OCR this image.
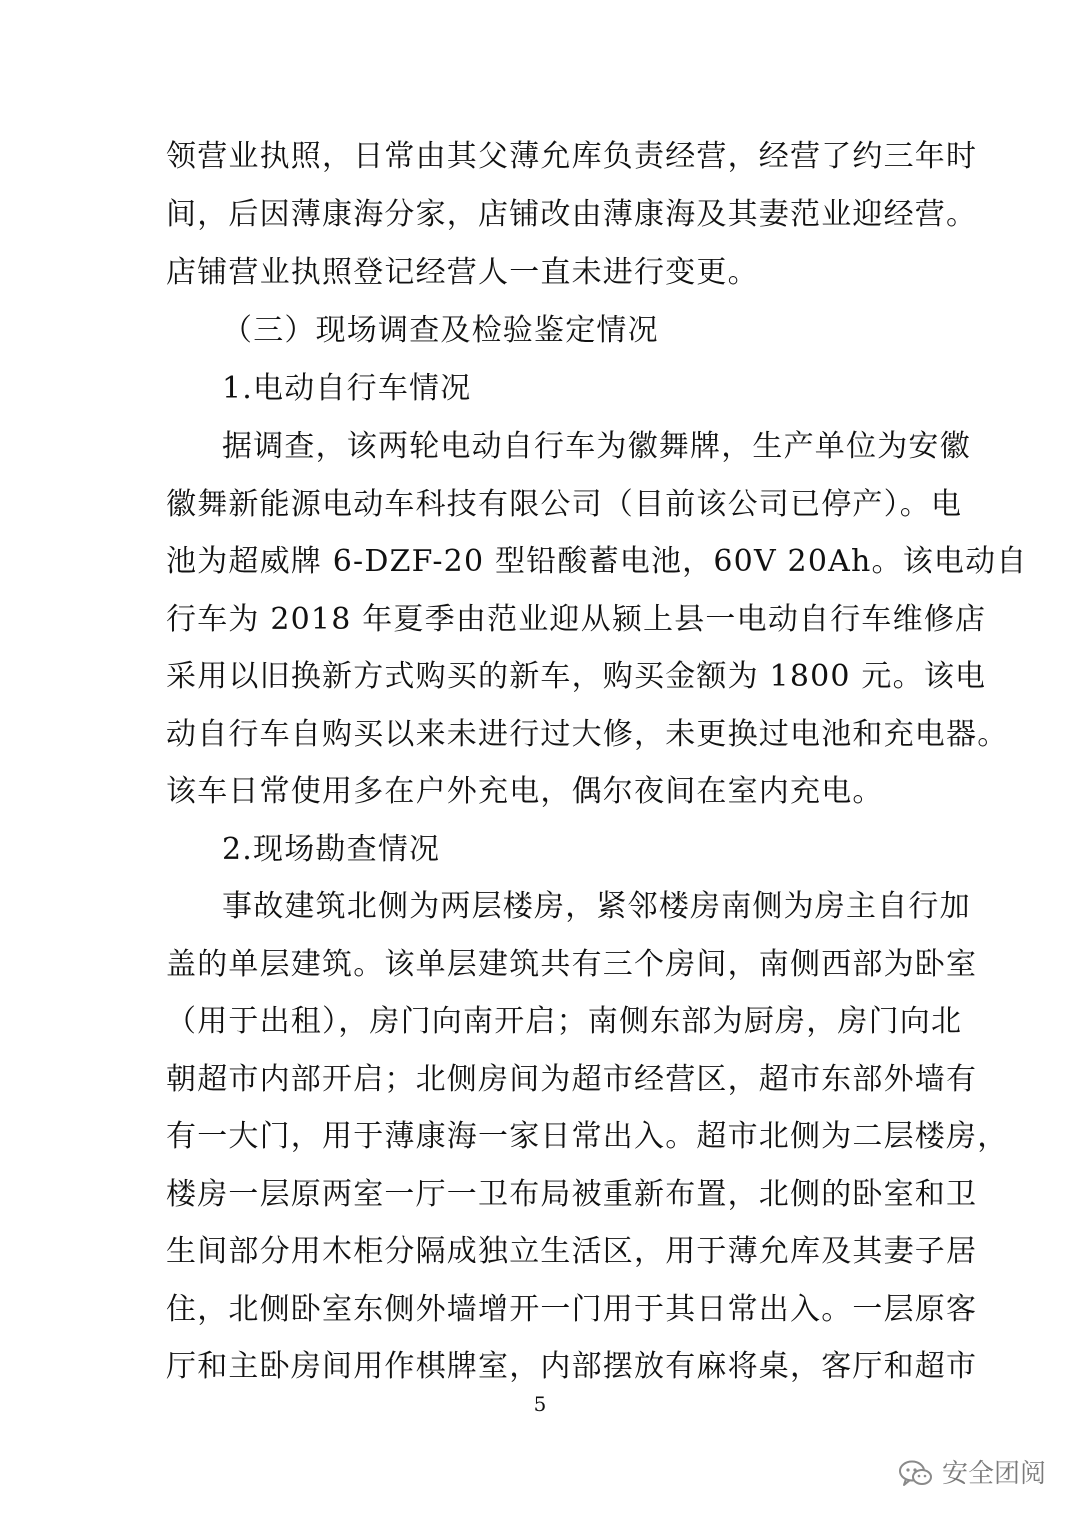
领营业执照，日常由其父薄允库负责经营，经营了约三年时
间，后因薄康海分家，店铺改由薄康海及其妻范业迎经营。
店铺营业执照登记经营人一直未进行变更。
（三）现场调查及检验鉴定情况
1.电动自行车情况
据调查，该两轮电动自行车为徽舞牌，生产单位为安徽
徽舞新能源电动车科技有限公司（目前该公司已停产）。电
池为超威牌 6-DZF-20 型铅酸蓄电池，60V 20Ah。该电动自
行车为 2018 年夏季由范业迎从颍上县一电动自行车维修店
采用以旧换新方式购买的新车，购买金额为 1800 元。该电
动自行车自购买以来未进行过大修，未更换过电池和充电器。
该车日常使用多在户外充电，偶尔夜间在室内充电。
2.现场勘查情况
事故建筑北侧为两层楼房，紧邻楼房南侧为房主自行加
盖的单层建筑。该单层建筑共有三个房间，南侧西部为卧室
（用于出租），房门向南开启；南侧东部为厨房，房门向北
朝超市内部开启；北侧房间为超市经营区，超市东部外墙有
有一大门，用于薄康海一家日常出入。超市北侧为二层楼房，
楼房一层原两室一厅一卫布局被重新布置，北侧的卧室和卫
生间部分用木柜分隔成独立生活区，用于薄允库及其妻子居
住，北侧卧室东侧外墙增开一门用于其日常出入。一层原客
厅和主卧房间用作棋牌室，内部摆放有麻将桌，客厅和超市
5
安全团阅
